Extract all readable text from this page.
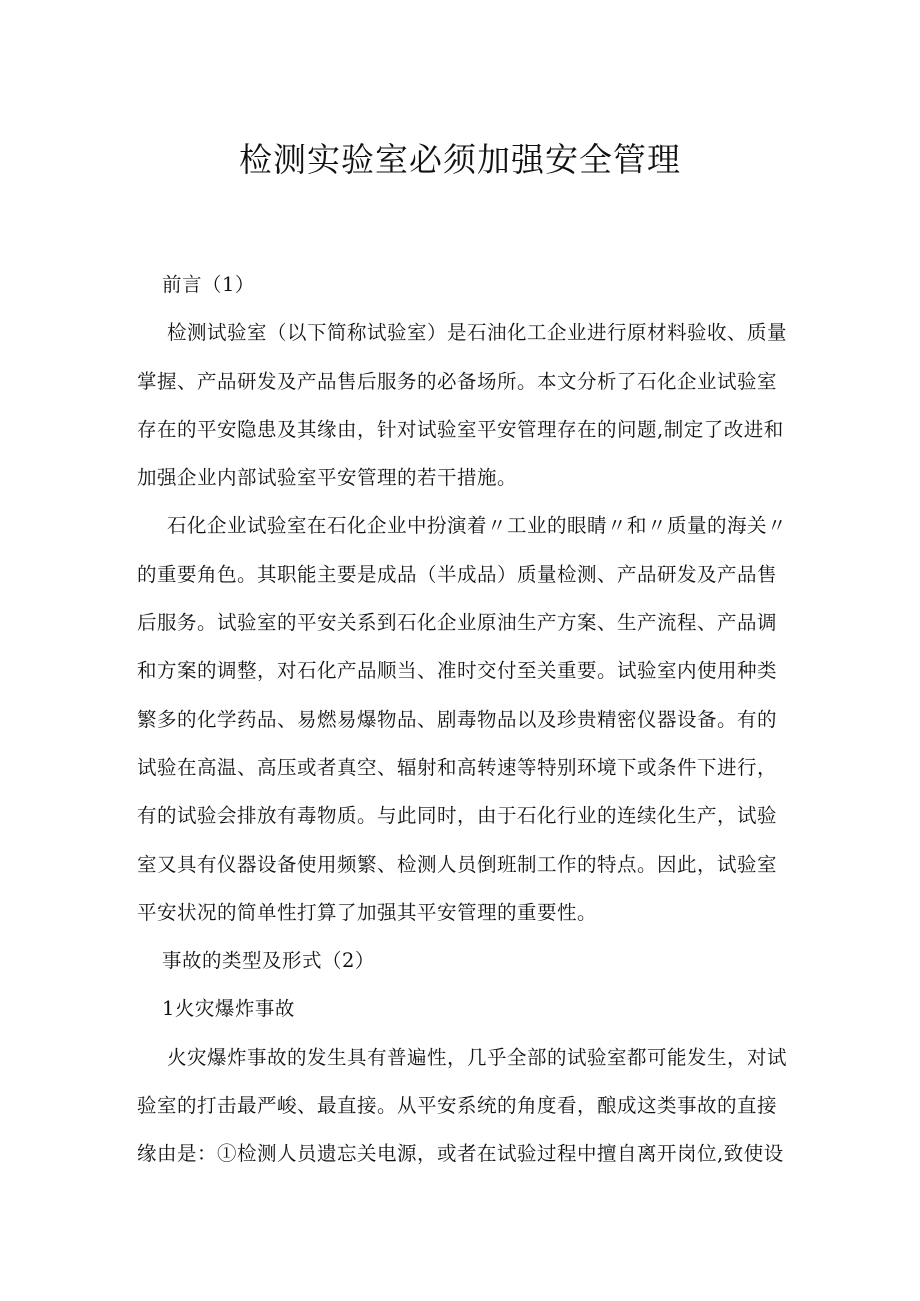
检测实验室必须加强安全管理
前言（1）
检测试验室（以下简称试验室）是石油化工企业进行原材料验收、质量
掌握、产品研发及产品售后服务的必备场所。本文分析了石化企业试验室
存在的平安隐患及其缘由，针对试验室平安管理存在的问题,制定了改进和
加强企业内部试验室平安管理的若干措施。
石化企业试验室在石化企业中扮演着〃工业的眼睛〃和〃质量的海关〃
的重要角色。其职能主要是成品（半成品）质量检测、产品研发及产品售
后服务。试验室的平安关系到石化企业原油生产方案、生产流程、产品调
和方案的调整，对石化产品顺当、准时交付至关重要。试验室内使用种类
繁多的化学药品、易燃易爆物品、剧毒物品以及珍贵精密仪器设备。有的
试验在高温、高压或者真空、辐射和高转速等特别环境下或条件下进行，
有的试验会排放有毒物质。与此同时，由于石化行业的连续化生产，试验
室又具有仪器设备使用频繁、检测人员倒班制工作的特点。因此，试验室
平安状况的简单性打算了加强其平安管理的重要性。
事故的类型及形式（2）
1火灾爆炸事故
火灾爆炸事故的发生具有普遍性，几乎全部的试验室都可能发生，对试
验室的打击最严峻、最直接。从平安系统的角度看，酿成这类事故的直接
缘由是：①检测人员遗忘关电源，或者在试验过程中擅自离开岗位,致使设
